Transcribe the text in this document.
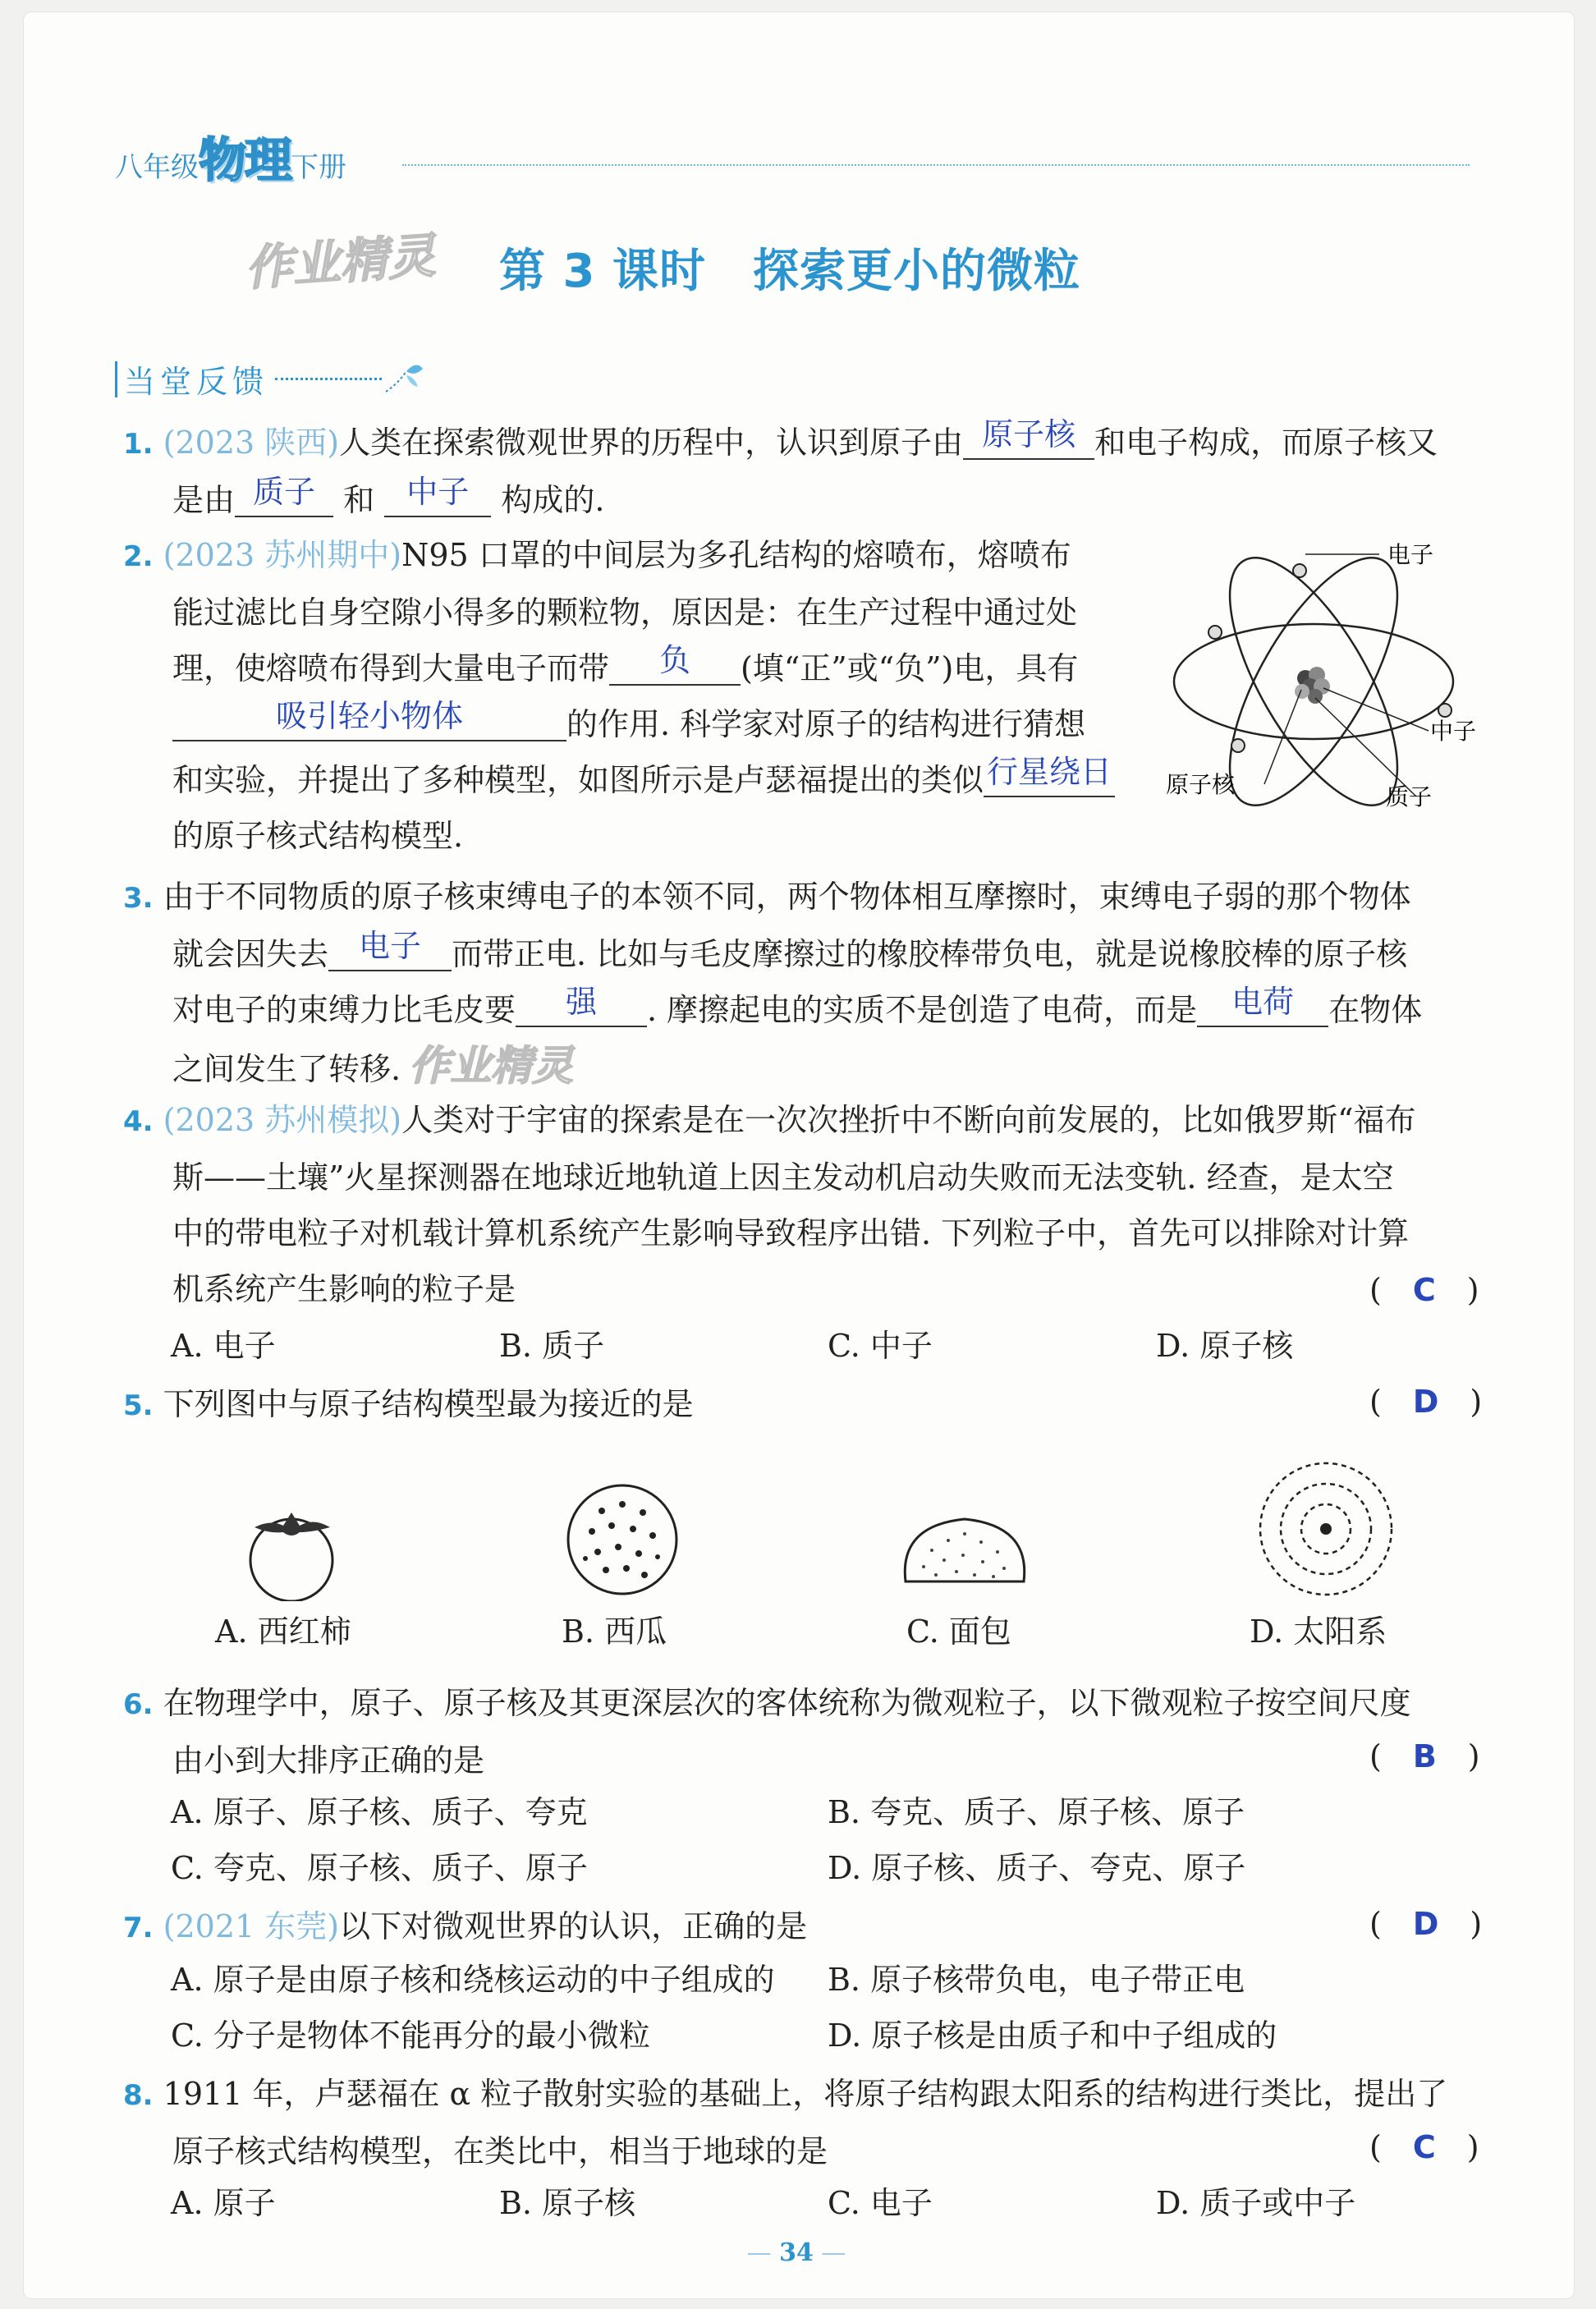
八年级物理下册
作业精灵 第 3 课时　探索更小的微粒
当堂反馈
1. (2023 陕西)人类在探索微观世界的历程中，认识到原子由 原子核 和电子构成，而原子核又
是由 质子 和	中子	构成的.
2. (2023 苏州期中)N95 口罩的中间层为多孔结构的熔喷布，熔喷布
能过滤比自身空隙小得多的颗粒物，原因是：在生产过程中通过处
理，使熔喷布得到大量电子而带	负	(填“正”或“负”)电，具有
吸引轻小物体	的作用. 科学家对原子的结构进行猜想
和实验，并提出了多种模型，如图所示是卢瑟福提出的类似 行星绕日
的原子核式结构模型.
电子
中子
原子核	质子
3. 由于不同物质的原子核束缚电子的本领不同，两个物体相互摩擦时，束缚电子弱的那个物体
就会因失去 电子 而带正电. 比如与毛皮摩擦过的橡胶棒带负电，就是说橡胶棒的原子核
对电子的束缚力比毛皮要	强	. 摩擦起电的实质不是创造了电荷，而是	电荷	在物体
之间发生了转移. 作业精灵
4. (2023 苏州模拟)人类对于宇宙的探索是在一次次挫折中不断向前发展的，比如俄罗斯“福布
斯——土壤”火星探测器在地球近地轨道上因主发动机启动失败而无法变轨. 经查，是太空
中的带电粒子对机载计算机系统产生影响导致程序出错. 下列粒子中，首先可以排除对计算
机系统产生影响的粒子是	(　C　)
A. 电子	B. 质子	C. 中子	D. 原子核
5. 下列图中与原子结构模型最为接近的是	(　D　)
A. 西红柿	B. 西瓜	C. 面包	D. 太阳系
6. 在物理学中，原子、原子核及其更深层次的客体统称为微观粒子，以下微观粒子按空间尺度
由小到大排序正确的是	(　B　)
A. 原子、原子核、质子、夸克	B. 夸克、质子、原子核、原子
C. 夸克、原子核、质子、原子	D. 原子核、质子、夸克、原子
7. (2021 东莞)以下对微观世界的认识，正确的是	(　D　)
A. 原子是由原子核和绕核运动的中子组成的 B. 原子核带负电，电子带正电
C. 分子是物体不能再分的最小微粒	D. 原子核是由质子和中子组成的
8. 1911 年，卢瑟福在 α 粒子散射实验的基础上，将原子结构跟太阳系的结构进行类比，提出了
原子核式结构模型，在类比中，相当于地球的是	(　C　)
A. 原子	B. 原子核	C. 电子	D. 质子或中子
— 34 —
